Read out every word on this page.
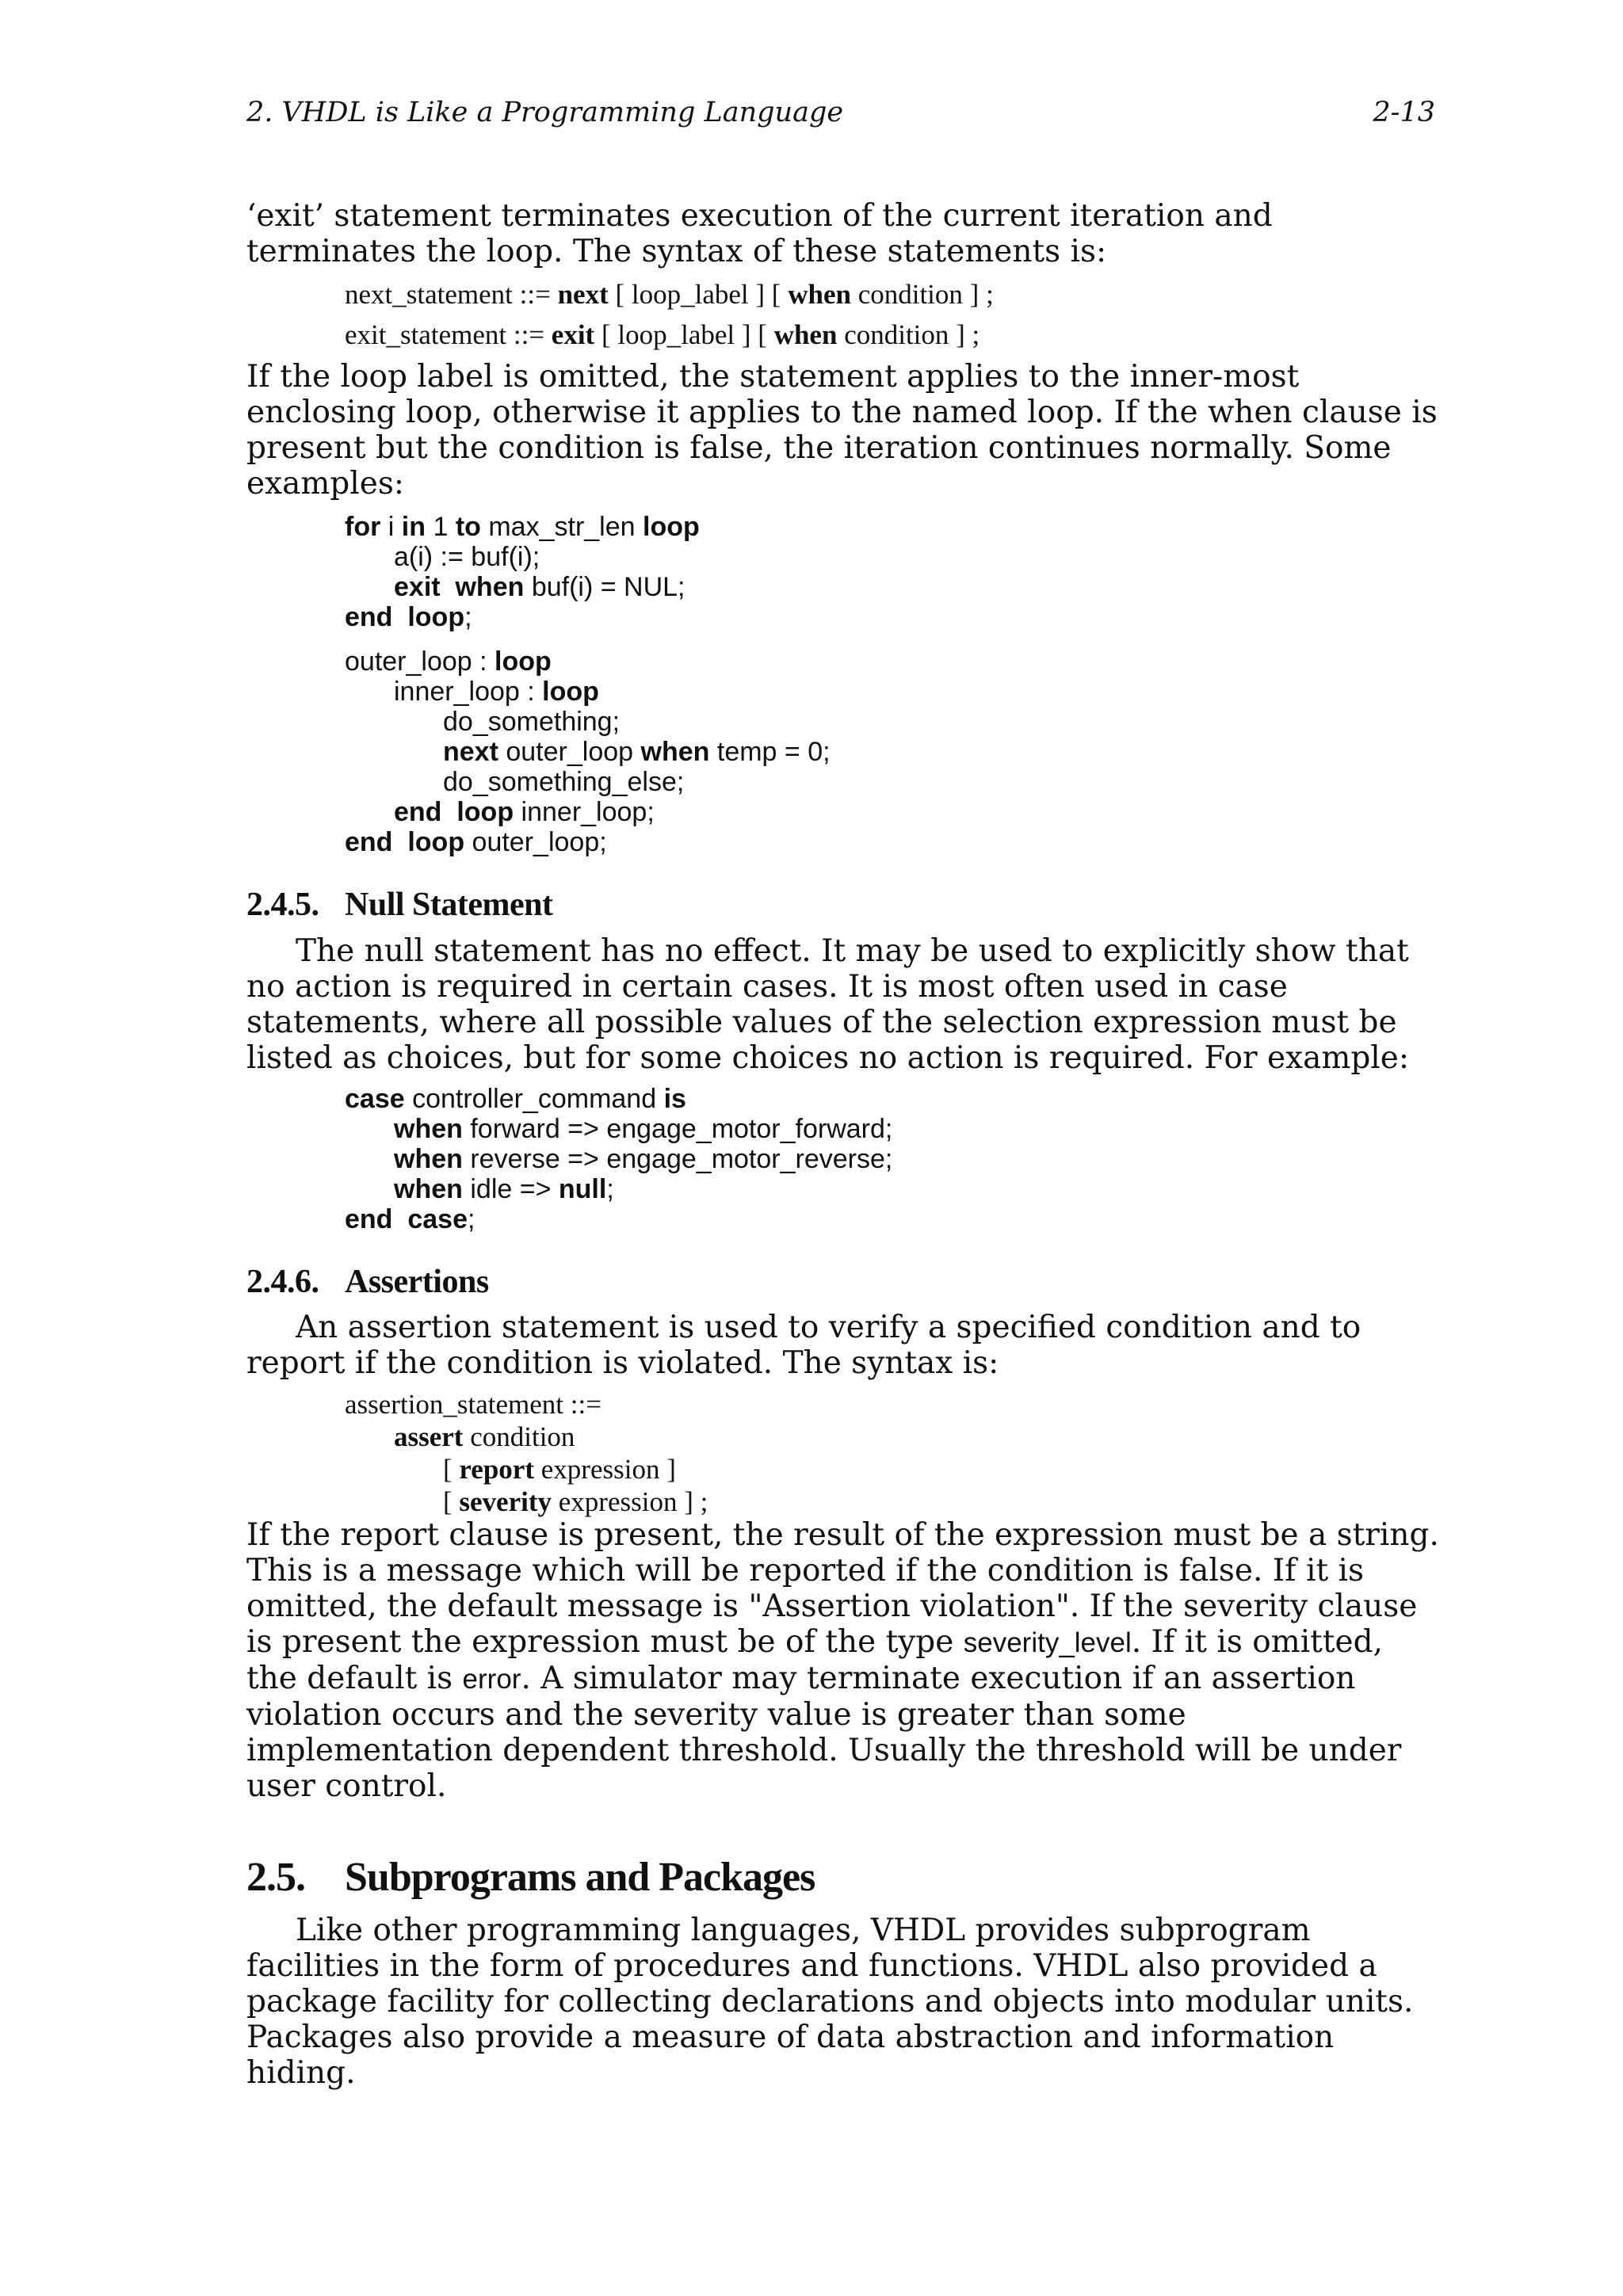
2. VHDL is Like a Programming Language	2-13
‘exit’ statement terminates execution of the current iteration and
terminates the loop. The syntax of these statements is:
next_statement ::= next [ loop_label ] [ when condition ] ;
exit_statement ::= exit [ loop_label ] [ when condition ] ;
If the loop label is omitted, the statement applies to the inner-most
enclosing loop, otherwise it applies to the named loop. If the when clause is
present but the condition is false, the iteration continues normally. Some
examples:
for i in 1 to max_str_len loop
a(i) := buf(i);
exit  when buf(i) = NUL;
end  loop;
outer_loop : loop
inner_loop : loop
do_something;
next outer_loop when temp = 0;
do_something_else;
end  loop inner_loop;
end  loop outer_loop;
2.4.5. Null Statement
The null statement has no effect. It may be used to explicitly show that
no action is required in certain cases. It is most often used in case
statements, where all possible values of the selection expression must be
listed as choices, but for some choices no action is required. For example:
case controller_command is
when forward => engage_motor_forward;
when reverse => engage_motor_reverse;
when idle => null;
end  case;
2.4.6. Assertions
An assertion statement is used to verify a specified condition and to
report if the condition is violated. The syntax is:
assertion_statement ::=
assert condition
[ report expression ]
[ severity expression ] ;
If the report clause is present, the result of the expression must be a string.
This is a message which will be reported if the condition is false. If it is
omitted, the default message is "Assertion violation". If the severity clause
is present the expression must be of the type severity_level. If it is omitted,
the default is error. A simulator may terminate execution if an assertion
violation occurs and the severity value is greater than some
implementation dependent threshold. Usually the threshold will be under
user control.
2.5. Subprograms and Packages
Like other programming languages, VHDL provides subprogram
facilities in the form of procedures and functions. VHDL also provided a
package facility for collecting declarations and objects into modular units.
Packages also provide a measure of data abstraction and information
hiding.
